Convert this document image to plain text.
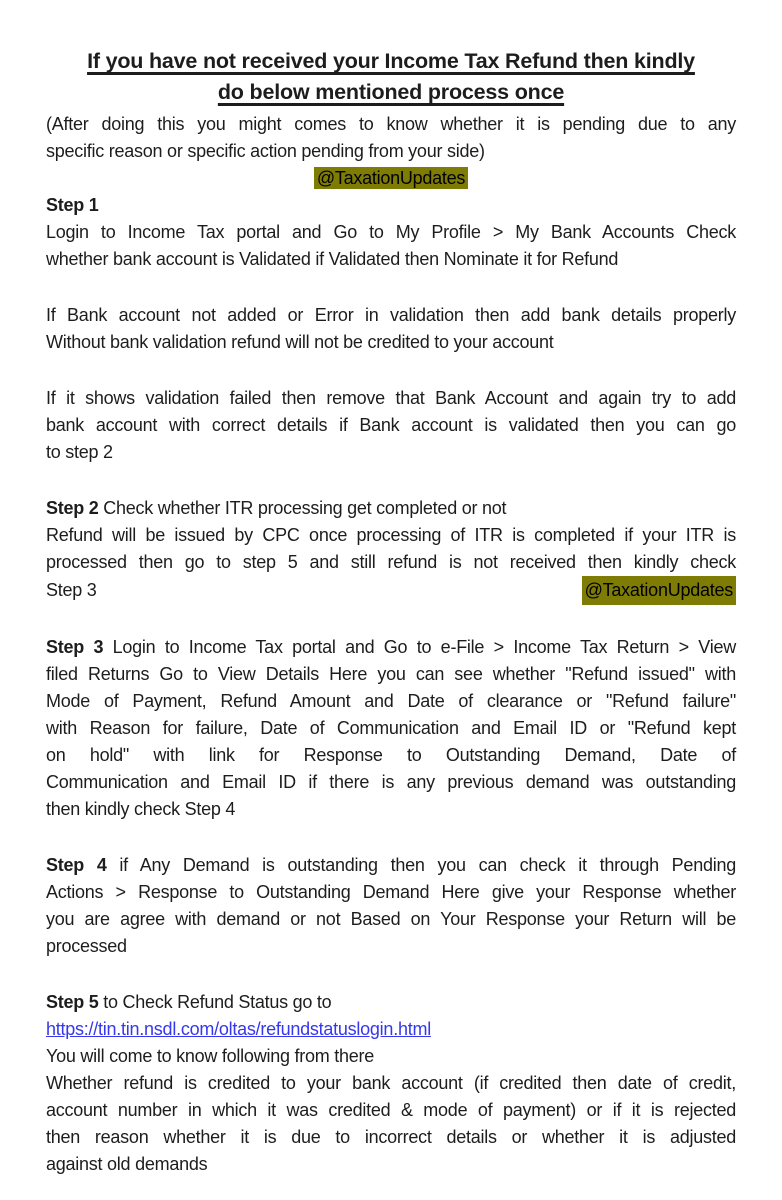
If you have not received your Income Tax Refund then kindly
do below mentioned process once
(After doing this you might comes to know whether it is pending due to any
specific reason or specific action pending from your side)
@TaxationUpdates
Step 1
Login to Income Tax portal and Go to My Profile > My Bank Accounts Check
whether bank account is Validated if Validated then Nominate it for Refund
If Bank account not added or Error in validation then add bank details properly
Without bank validation refund will not be credited to your account
If it shows validation failed then remove that Bank Account and again try to add
bank account with correct details if Bank account is validated then you can go
to step 2
Step 2 Check whether ITR processing get completed or not
Refund will be issued by CPC once processing of ITR is completed if your ITR is
processed then go to step 5 and still refund is not received then kindly check
Step 3	@TaxationUpdates
Step 3 Login to Income Tax portal and Go to e-File > Income Tax Return > View
filed Returns Go to View Details Here you can see whether "Refund issued" with
Mode of Payment, Refund Amount and Date of clearance or "Refund failure"
with Reason for failure, Date of Communication and Email ID or "Refund kept
on hold" with link for Response to Outstanding Demand, Date of
Communication and Email ID if there is any previous demand was outstanding
then kindly check Step 4
Step 4 if Any Demand is outstanding then you can check it through Pending
Actions > Response to Outstanding Demand Here give your Response whether
you are agree with demand or not Based on Your Response your Return will be
processed
Step 5 to Check Refund Status go to
https://tin.tin.nsdl.com/oltas/refundstatuslogin.html
You will come to know following from there
Whether refund is credited to your bank account (if credited then date of credit,
account number in which it was credited & mode of payment) or if it is rejected
then reason whether it is due to incorrect details or whether it is adjusted
against old demands
